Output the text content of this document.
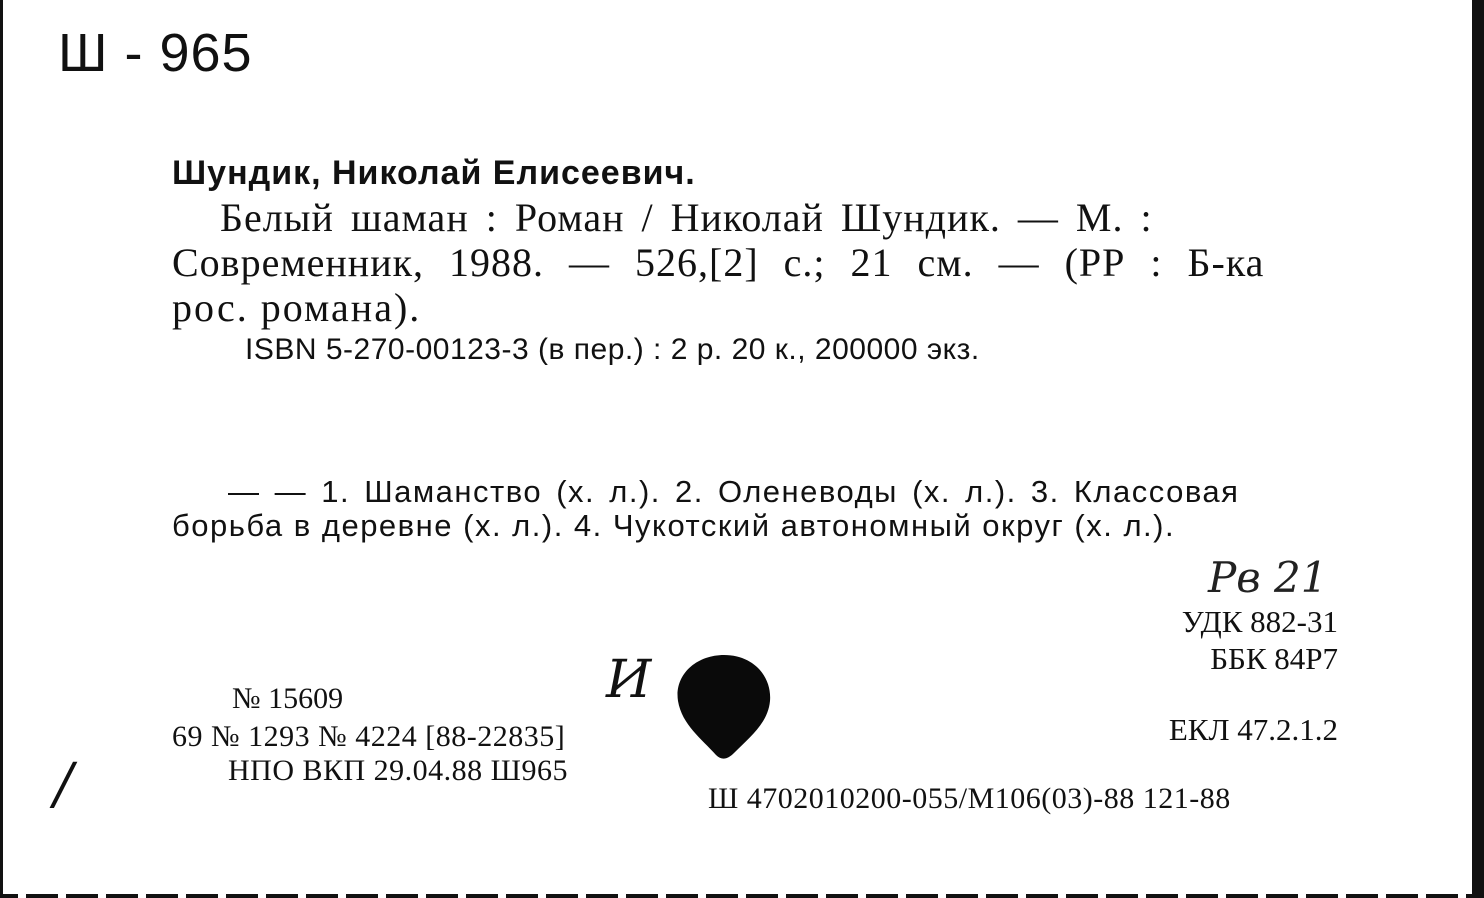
Ш - 965
Шундик, Николай Елисеевич.
Белый шаман : Роман / Николай Шундик. — М. :
Современник, 1988. — 526,[2] с.; 21 см. — (РР : Б-ка
рос. романа).
ISBN 5-270-00123-3 (в пер.) : 2 р. 20 к., 200000 экз.
— — 1. Шаманство (х. л.). 2. Оленеводы (х. л.). 3. Классовая
борьба в деревне (х. л.). 4. Чукотский автономный округ (х. л.).
Рв 21
УДК 882-31
ББК 84Р7
ЕКЛ 47.2.1.2
И
№ 15609
69 № 1293 № 4224 [88-22835]
НПО ВКП 29.04.88 Ш965
/	Ш 4702010200-055/М106(03)-88 121-88
